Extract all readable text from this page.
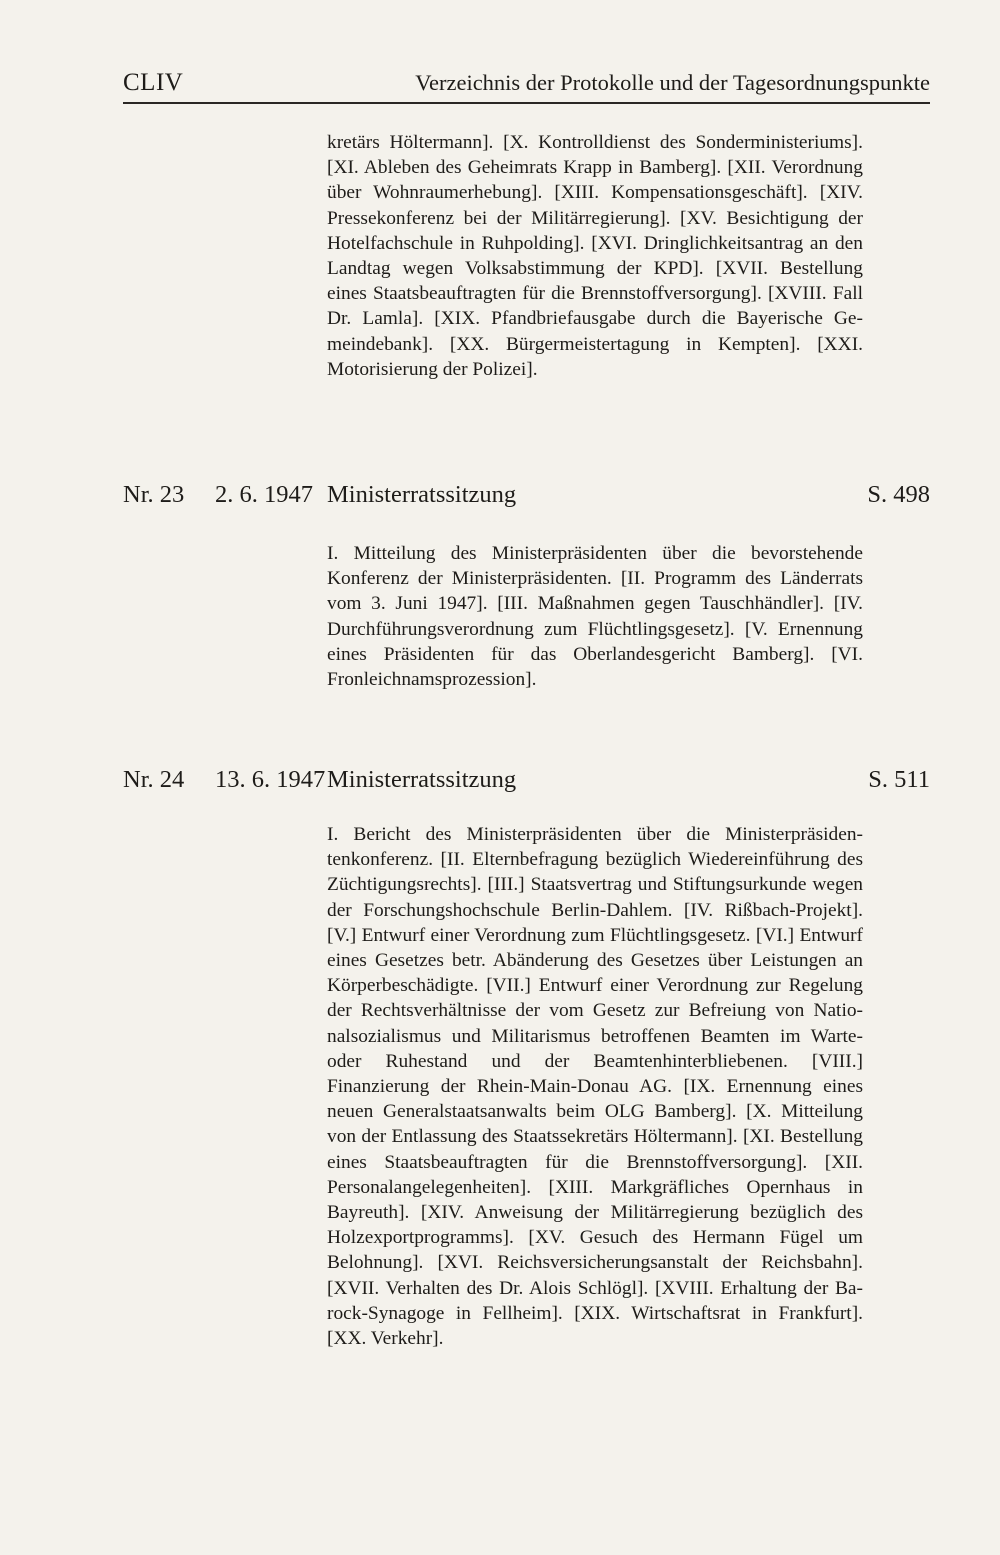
CLIV	Verzeichnis der Protokolle und der Tagesordnungspunkte
kretärs Höltermann]. [X. Kontrolldienst des Sonderministeriums]. [XI. Ableben des Geheimrats Krapp in Bamberg]. [XII. Verordnung über Wohnraumerhebung]. [XIII. Kompensationsgeschäft]. [XIV. Pressekonferenz bei der Militärregierung]. [XV. Besichtigung der Hotelfachschule in Ruhpolding]. [XVI. Dringlichkeitsantrag an den Landtag wegen Volksabstimmung der KPD]. [XVII. Bestellung eines Staatsbeauftragten für die Brennstoffversorgung]. [XVIII. Fall Dr. Lamla]. [XIX. Pfandbriefausgabe durch die Bayerische Gemeindebank]. [XX. Bürgermeistertagung in Kempten]. [XXI. Motorisierung der Polizei].
Nr. 23 2. 6. 1947 Ministerratssitzung	S. 498
I. Mitteilung des Ministerpräsidenten über die bevorstehende Konferenz der Ministerpräsidenten. [II. Programm des Länderrats vom 3. Juni 1947]. [III. Maßnahmen gegen Tauschhändler]. [IV. Durchführungsverordnung zum Flüchtlingsgesetz]. [V. Ernennung eines Präsidenten für das Oberlandesgericht Bamberg]. [VI. Fronleichnamsprozession].
Nr. 24 13. 6. 1947 Ministerratssitzung	S. 511
I. Bericht des Ministerpräsidenten über die Ministerpräsidentenkonferenz. [II. Elternbefragung bezüglich Wiedereinführung des Züchtigungsrechts]. [III.] Staatsvertrag und Stiftungsurkunde wegen der Forschungshochschule Berlin-Dahlem. [IV. Rißbach-Projekt]. [V.] Entwurf einer Verordnung zum Flüchtlingsgesetz. [VI.] Entwurf eines Gesetzes betr. Abänderung des Gesetzes über Leistungen an Körperbeschädigte. [VII.] Entwurf einer Verordnung zur Regelung der Rechtsverhältnisse der vom Gesetz zur Befreiung von Nationalsozialismus und Militarismus betroffenen Beamten im Warte- oder Ruhestand und der Beamtenhinterbliebenen. [VIII.] Finanzierung der Rhein-Main-Donau AG. [IX. Ernennung eines neuen Generalstaatsanwalts beim OLG Bamberg]. [X. Mitteilung von der Entlassung des Staatssekretärs Höltermann]. [XI. Bestellung eines Staatsbeauftragten für die Brennstoffversorgung]. [XII. Personalangelegenheiten]. [XIII. Markgräfliches Opernhaus in Bayreuth]. [XIV. Anweisung der Militärregierung bezüglich des Holzexportprogramms]. [XV. Gesuch des Hermann Fügel um Belohnung]. [XVI. Reichsversicherungsanstalt der Reichsbahn]. [XVII. Verhalten des Dr. Alois Schlögl]. [XVIII. Erhaltung der Barock-Synagoge in Fellheim]. [XIX. Wirtschaftsrat in Frankfurt]. [XX. Verkehr].
